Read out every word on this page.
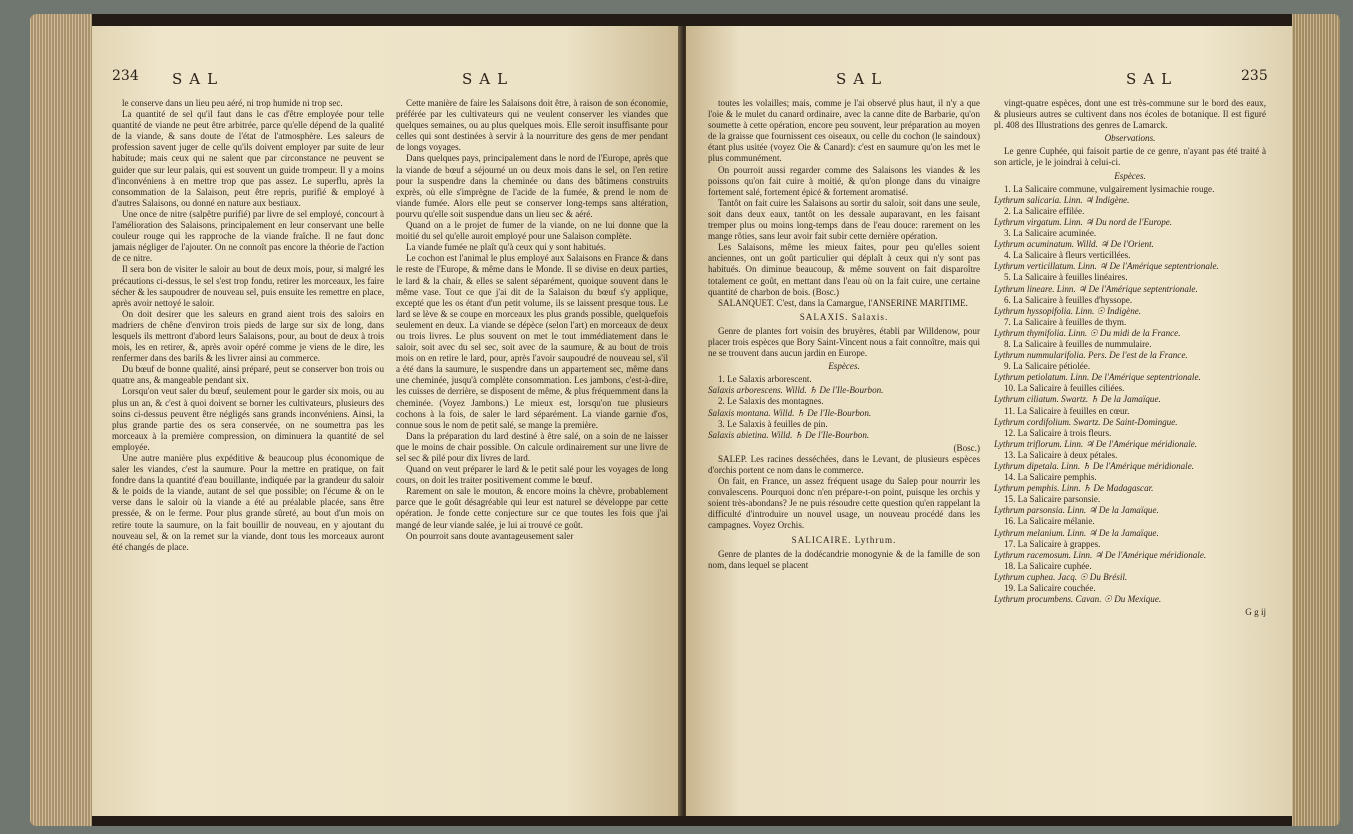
234 SAL	SAL

le conserve dans un lieu peu aéré, ni trop humide ni trop sec.

La quantité de sel qu'il faut dans le cas d'être employée pour telle quantité de viande ne peut être arbitrée, parce qu'elle dépend de la qualité de la viande, & sans doute de l'état de l'atmosphère. Les saleurs de profession savent juger de celle qu'ils doivent employer par suite de leur habitude; mais ceux qui ne salent que par circonstance ne peuvent se guider que sur leur palais, qui est souvent un guide trompeur. Il y a moins d'inconvéniens à en mettre trop que pas assez. Le superflu, après la consommation de la Salaison, peut être repris, purifié & employé à d'autres Salaisons, ou donné en nature aux bestiaux.

Une once de nitre (salpêtre purifié) par livre de sel employé, concourt à l'amélioration des Salaisons, principalement en leur conservant une belle couleur rouge qui les rapproche de la viande fraîche. Il ne faut donc jamais négliger de l'ajouter. On ne connoît pas encore la théorie de l'action de ce nitre.

Il sera bon de visiter le saloir au bout de deux mois, pour, si malgré les précautions ci-dessus, le sel s'est trop fondu, retirer les morceaux, les faire sécher & les saupoudrer de nouveau sel, puis ensuite les remettre en place, après avoir nettoyé le saloir.

On doit desirer que les saleurs en grand aient trois des saloirs en madriers de chêne d'environ trois pieds de large sur six de long, dans lesquels ils mettront d'abord leurs Salaisons, pour, au bout de deux à trois mois, les en retirer, &, après avoir opéré comme je viens de le dire, les renfermer dans des barils & les livrer ainsi au commerce.

Du bœuf de bonne qualité, ainsi préparé, peut se conserver bon trois ou quatre ans, & mangeable pendant six.

Lorsqu'on veut saler du bœuf, seulement pour le garder six mois, ou au plus un an, & c'est à quoi doivent se borner les cultivateurs, plusieurs des soins ci-dessus peuvent être négligés sans grands inconvéniens. Ainsi, la plus grande partie des os sera conservée, on ne soumettra pas les morceaux à la première compression, on diminuera la quantité de sel employée.

Une autre manière plus expéditive & beaucoup plus économique de saler les viandes, c'est la saumure. Pour la mettre en pratique, on fait fondre dans la quantité d'eau bouillante, indiquée par la grandeur du saloir & le poids de la viande, autant de sel que possible; on l'écume & on le verse dans le saloir où la viande a été au préalable placée, sans être pressée, & on le ferme. Pour plus grande sûreté, au bout d'un mois on retire toute la saumure, on la fait bouillir de nouveau, en y ajoutant du nouveau sel, & on la remet sur la viande, dont tous les morceaux auront été changés de place.

Cette manière de faire les Salaisons doit être, à raison de son économie, préférée par les cultivateurs qui ne veulent conserver les viandes que quelques semaines, ou au plus quelques mois. Elle seroit insuffisante pour celles qui sont destinées à servir à la nourriture des gens de mer pendant de longs voyages.

Dans quelques pays, principalement dans le nord de l'Europe, après que la viande de bœuf a séjourné un ou deux mois dans le sel, on l'en retire pour la suspendre dans la cheminée ou dans des bâtimens construits exprès, où elle s'imprègne de l'acide de la fumée, & prend le nom de viande fumée. Alors elle peut se conserver long-temps sans altération, pourvu qu'elle soit suspendue dans un lieu sec & aéré.

Quand on a le projet de fumer de la viande, on ne lui donne que la moitié du sel qu'elle auroit employé pour une Salaison complète.

La viande fumée ne plaît qu'à ceux qui y sont habitués.

Le cochon est l'animal le plus employé aux Salaisons en France & dans le reste de l'Europe, & même dans le Monde. Il se divise en deux parties, le lard & la chair, & elles se salent séparément, quoique souvent dans le même vase. Tout ce que j'ai dit de la Salaison du bœuf s'y applique, excepté que les os étant d'un petit volume, ils se laissent presque tous. Le lard se lève & se coupe en morceaux les plus grands possible, quelquefois seulement en deux. La viande se dépèce (selon l'art) en morceaux de deux ou trois livres. Le plus souvent on met le tout immédiatement dans le saloir, soit avec du sel sec, soit avec de la saumure, & au bout de trois mois on en retire le lard, pour, après l'avoir saupoudré de nouveau sel, s'il a été dans la saumure, le suspendre dans un appartement sec, même dans une cheminée, jusqu'à complète consommation. Les jambons, c'est-à-dire, les cuisses de derrière, se disposent de même, & plus fréquemment dans la cheminée. (Voyez Jambons.) Le mieux est, lorsqu'on tue plusieurs cochons à la fois, de saler le lard séparément. La viande garnie d'os, connue sous le nom de petit salé, se mange la première.

Dans la préparation du lard destiné à être salé, on a soin de ne laisser que le moins de chair possible. On calcule ordinairement sur une livre de sel sec & pilé pour dix livres de lard.

Quand on veut préparer le lard & le petit salé pour les voyages de long cours, on doit les traiter positivement comme le bœuf.

Rarement on sale le mouton, & encore moins la chèvre, probablement parce que le goût désagréable qui leur est naturel se développe par cette opération. Je fonde cette conjecture sur ce que toutes les fois que j'ai mangé de leur viande salée, je lui ai trouvé ce goût.

On pourroit sans doute avantageusement saler

SAL	SAL	235

toutes les volailles; mais, comme je l'ai observé plus haut, il n'y a que l'oie & le mulet du canard ordinaire, avec la canne dite de Barbarie, qu'on soumette à cette opération, encore peu souvent, leur préparation au moyen de la graisse que fournissent ces oiseaux, ou celle du cochon (le saindoux) étant plus usitée (voyez Oie & Canard): c'est en saumure qu'on les met le plus communément.

On pourroit aussi regarder comme des Salaisons les viandes & les poissons qu'on fait cuire à moitié, & qu'on plonge dans du vinaigre fortement salé, fortement épicé & fortement aromatisé.

Tantôt on fait cuire les Salaisons au sortir du saloir, soit dans une seule, soit dans deux eaux, tantôt on les dessale auparavant, en les faisant tremper plus ou moins long-temps dans de l'eau douce: rarement on les mange rôties, sans leur avoir fait subir cette dernière opération.

Les Salaisons, même les mieux faites, pour peu qu'elles soient anciennes, ont un goût particulier qui déplaît à ceux qui n'y sont pas habitués. On diminue beaucoup, & même souvent on fait disparoître totalement ce goût, en mettant dans l'eau où on la fait cuire, une certaine quantité de charbon de bois. (Bosc.)

SALANQUET. C'est, dans la Camargue, l'ANSERINE MARITIME.

SALAXIS. Salaxis.

Genre de plantes fort voisin des bruyères, établi par Willdenow, pour placer trois espèces que Bory Saint-Vincent nous a fait connoître, mais qui ne se trouvent dans aucun jardin en Europe.

Espèces.

1. Le Salaxis arborescent.

Salaxis arborescens. Willd. ♄ De l'Ile-Bourbon.

2. Le Salaxis des montagnes.

Salaxis montana. Willd. ♄ De l'Ile-Bourbon.

3. Le Salaxis à feuilles de pin.

Salaxis abietina. Willd. ♄ De l'Ile-Bourbon.

(Bosc.)

SALEP. Les racines desséchées, dans le Levant, de plusieurs espèces d'orchis portent ce nom dans le commerce.

On fait, en France, un assez fréquent usage du Salep pour nourrir les convalescens. Pourquoi donc n'en prépare-t-on point, puisque les orchis y soient très-abondans? Je ne puis résoudre cette question qu'en rappelant la difficulté d'introduire un nouvel usage, un nouveau procédé dans les campagnes. Voyez Orchis.

SALICAIRE. Lythrum.

Genre de plantes de la dodécandrie monogynie & de la famille de son nom, dans lequel se placent

vingt-quatre espèces, dont une est très-commune sur le bord des eaux, & plusieurs autres se cultivent dans nos écoles de botanique. Il est figuré pl. 408 des Illustrations des genres de Lamarck.

Observations.

Le genre Cuphée, qui faisoit partie de ce genre, n'ayant pas été traité à son article, je le joindrai à celui-ci.

Espèces.

1. La Salicaire commune, vulgairement lysimachie rouge.

Lythrum salicaria. Linn. ♃ Indigène.

2. La Salicaire effilée.

Lythrum virgatum. Linn. ♃ Du nord de l'Europe.

3. La Salicaire acuminée.

Lythrum acuminatum. Willd. ♃ De l'Orient.

4. La Salicaire à fleurs verticillées.

Lythrum verticillatum. Linn. ♃ De l'Amérique septentrionale.

5. La Salicaire à feuilles linéaires.

Lythrum lineare. Linn. ♃ De l'Amérique septentrionale.

6. La Salicaire à feuilles d'hyssope.

Lythrum hyssopifolia. Linn. ☉ Indigène.

7. La Salicaire à feuilles de thym.

Lythrum thymifolia. Linn. ☉ Du midi de la France.

8. La Salicaire à feuilles de nummulaire.

Lythrum nummularifolia. Pers. De l'est de la France.

9. La Salicaire pétiolée.

Lythrum petiolatum. Linn. De l'Amérique septentrionale.

10. La Salicaire à feuilles ciliées.

Lythrum ciliatum. Swartz. ♄ De la Jamaïque.

11. La Salicaire à feuilles en cœur.

Lythrum cordifolium. Swartz. De Saint-Domingue.

12. La Salicaire à trois fleurs.

Lythrum triflorum. Linn. ♃ De l'Amérique méridionale.

13. La Salicaire à deux pétales.

Lythrum dipetala. Linn. ♄ De l'Amérique méridionale.

14. La Salicaire pemphis.

Lythrum pemphis. Linn. ♄ De Madagascar.

15. La Salicaire parsonsie.

Lythrum parsonsia. Linn. ♃ De la Jamaïque.

16. La Salicaire mélanie.

Lythrum melanium. Linn. ♃ De la Jamaïque.

17. La Salicaire à grappes.

Lythrum racemosum. Linn. ♃ De l'Amérique méridionale.

18. La Salicaire cuphée.

Lythrum cuphea. Jacq. ☉ Du Brésil.

19. La Salicaire couchée.

Lythrum procumbens. Cavan. ☉ Du Mexique.

G g ij
